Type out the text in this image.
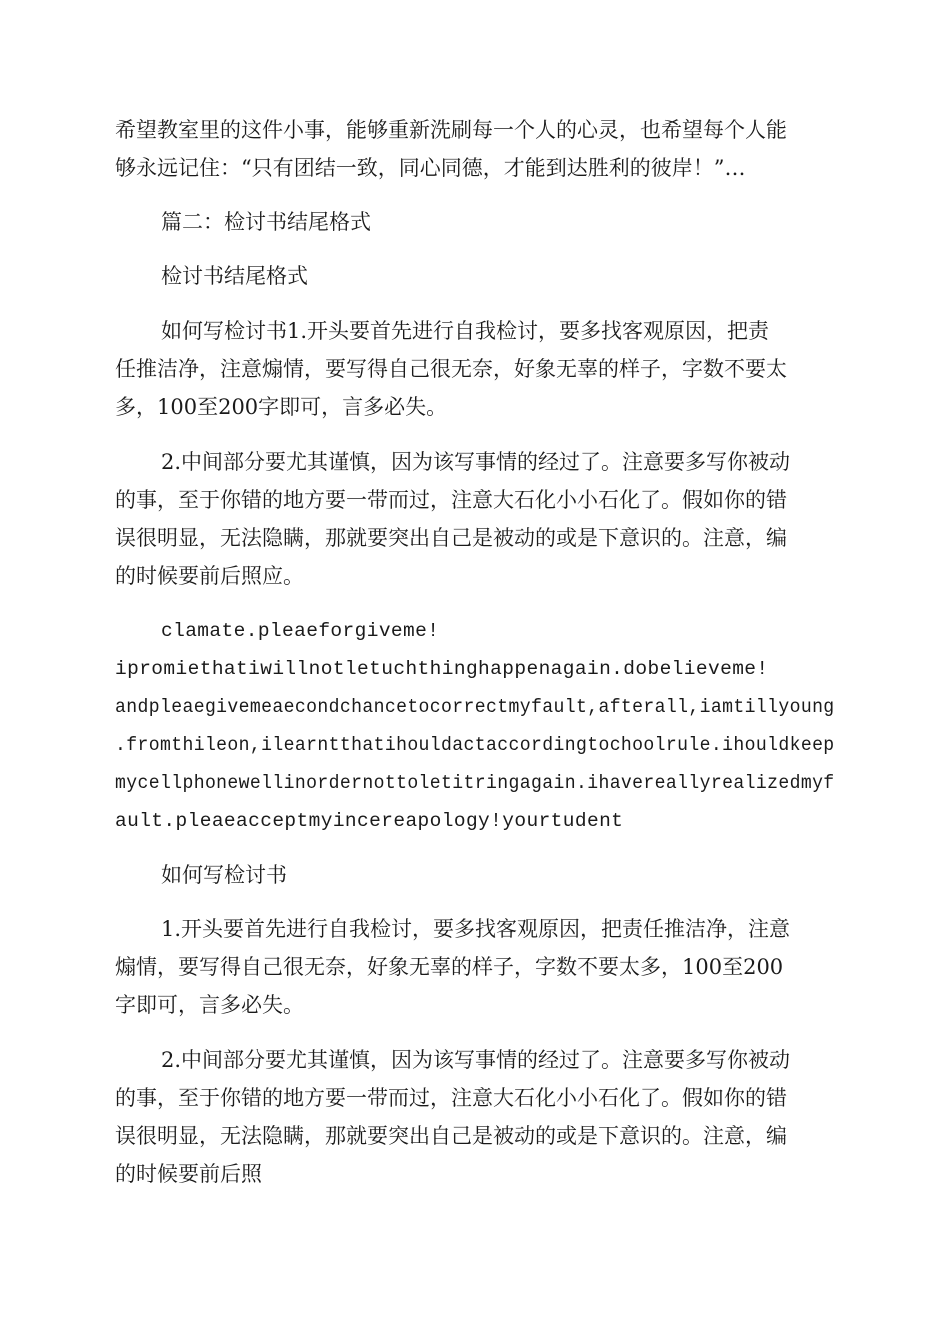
希望教室里的这件小事，能够重新洗刷每一个人的心灵，也希望每个人能
够永远记住：“只有团结一致，同心同德，才能到达胜利的彼岸！”…
篇二：检讨书结尾格式
检讨书结尾格式
如何写检讨书1.开头要首先进行自我检讨，要多找客观原因，把责
任推洁净，注意煽情，要写得自己很无奈，好象无辜的样子，字数不要太
多，100至200字即可，言多必失。
2.中间部分要尤其谨慎，因为该写事情的经过了。注意要多写你被动
的事，至于你错的地方要一带而过，注意大石化小小石化了。假如你的错
误很明显，无法隐瞒，那就要突出自己是被动的或是下意识的。注意，编
的时候要前后照应。
clamate.pleaeforgiveme!
ipromiethatiwillnotletuchthinghappenagain.dobelieveme!
andpleaegivemeaecondchancetocorrectmyfault,afterall,iamtillyoung
.fromthileon,ilearntthatihouldactaccordingtochoolrule.ihouldkeep
mycellphonewellinordernottoletitringagain.ihavereallyrealizedmyf
ault.pleaeacceptmyincereapology!yourtudent
如何写检讨书
1.开头要首先进行自我检讨，要多找客观原因，把责任推洁净，注意
煽情，要写得自己很无奈，好象无辜的样子，字数不要太多，100至200
字即可，言多必失。
2.中间部分要尤其谨慎，因为该写事情的经过了。注意要多写你被动
的事，至于你错的地方要一带而过，注意大石化小小石化了。假如你的错
误很明显，无法隐瞒，那就要突出自己是被动的或是下意识的。注意，编
的时候要前后照
